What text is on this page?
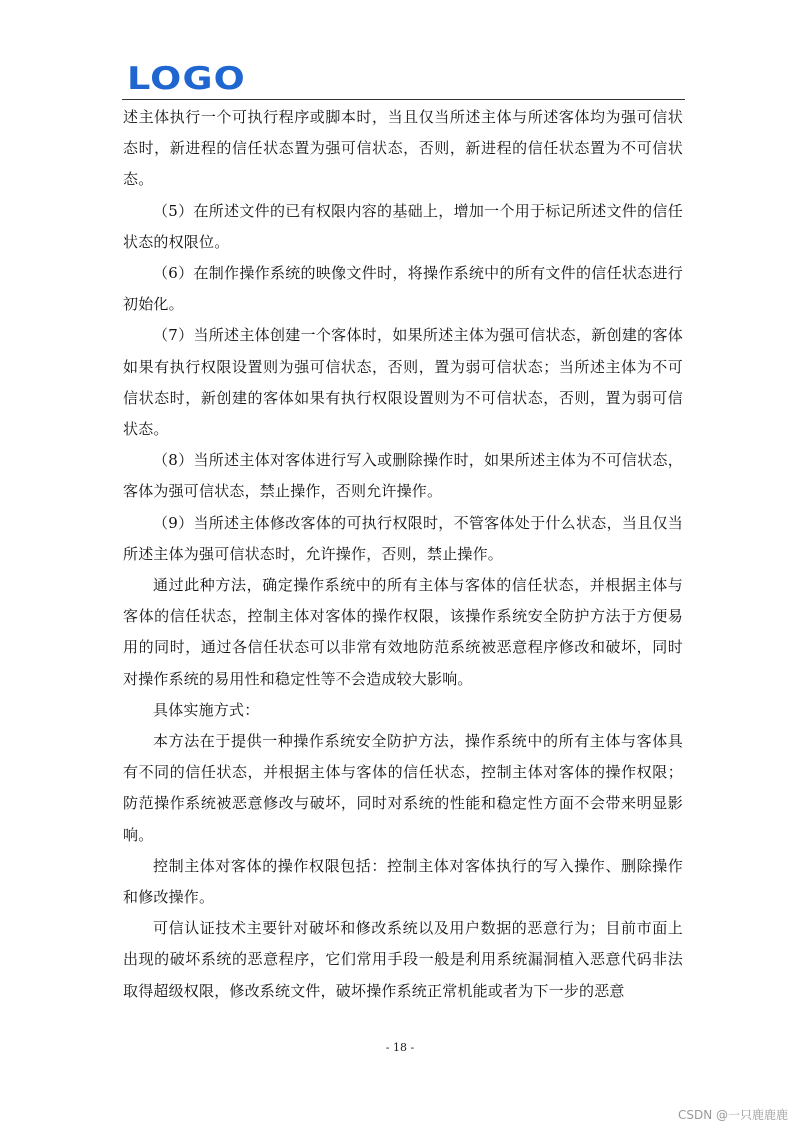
LOGO

述主体执行一个可执行程序或脚本时，当且仅当所述主体与所述客体均为强可信状态时，新进程的信任状态置为强可信状态，否则，新进程的信任状态置为不可信状态。

（5）在所述文件的已有权限内容的基础上，增加一个用于标记所述文件的信任状态的权限位。

（6）在制作操作系统的映像文件时，将操作系统中的所有文件的信任状态进行初始化。

（7）当所述主体创建一个客体时，如果所述主体为强可信状态，新创建的客体如果有执行权限设置则为强可信状态，否则，置为弱可信状态；当所述主体为不可信状态时，新创建的客体如果有执行权限设置则为不可信状态，否则，置为弱可信状态。

（8）当所述主体对客体进行写入或删除操作时，如果所述主体为不可信状态，客体为强可信状态，禁止操作，否则允许操作。

（9）当所述主体修改客体的可执行权限时，不管客体处于什么状态，当且仅当所述主体为强可信状态时，允许操作，否则，禁止操作。

通过此种方法，确定操作系统中的所有主体与客体的信任状态，并根据主体与客体的信任状态，控制主体对客体的操作权限，该操作系统安全防护方法于方便易用的同时，通过各信任状态可以非常有效地防范系统被恶意程序修改和破坏，同时对操作系统的易用性和稳定性等不会造成较大影响。

具体实施方式：

本方法在于提供一种操作系统安全防护方法，操作系统中的所有主体与客体具有不同的信任状态，并根据主体与客体的信任状态，控制主体对客体的操作权限；防范操作系统被恶意修改与破坏，同时对系统的性能和稳定性方面不会带来明显影响。

控制主体对客体的操作权限包括：控制主体对客体执行的写入操作、删除操作和修改操作。

可信认证技术主要针对破坏和修改系统以及用户数据的恶意行为；目前市面上出现的破坏系统的恶意程序，它们常用手段一般是利用系统漏洞植入恶意代码非法取得超级权限，修改系统文件，破坏操作系统正常机能或者为下一步的恶意

- 18 -
CSDN @一只鹿鹿鹿
